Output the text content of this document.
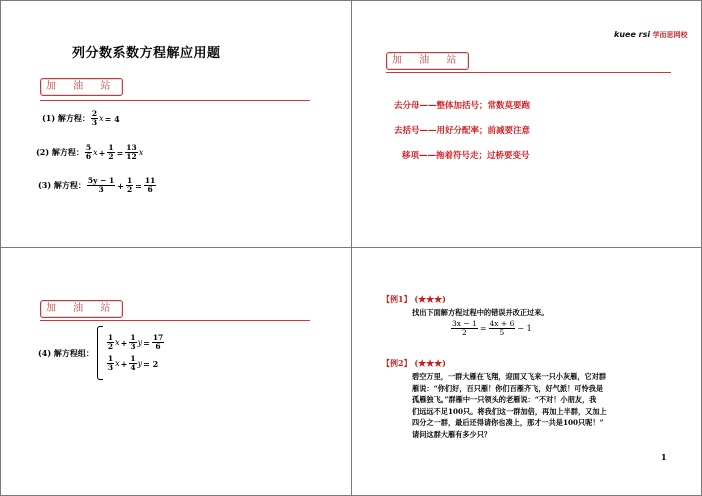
列分数系数方程解应用题
加 油 站
(1) 解方程： $\frac{2}{3}$ x = 4
(2) 解方程： $\frac{5}{6}$ $x + \frac{1}{2} = \frac{13}{12}$ x
(3) 解方程： $\frac{5y - 1}{3} + \frac{1}{2} = \frac{11}{6}$
kuee rsi 学而思网校
加 油 站
去分母——整体加括号；常数莫要跑
去括号——用好分配率；前减要注意
移项——拖着符号走；过桥要变号
加 油 站
(4) 解方程组：
$\frac{1}{2}$ $x + \frac{1}{3}$ $y = \frac{17}{6}$
$\frac{1}{3}$ $x + \frac{1}{4}$ y = 2
【例1】 (★★★)
找出下面解方程过程中的错误并改正过来。
$\frac{3x - 1}{2} = \frac{4x + 6}{5} - 1$
【例2】 (★★★)
碧空万里，一群大雁在飞翔，迎面又飞来一只小灰雁，它对群
雁说：“你们好，百只雁！你们百雁齐飞，好气派！可怜我是
孤雁独飞。”群雁中一只领头的老雁说：“不对！小朋友，我
们远远不足100只。将我们这一群加倍，再加上半群，又加上
四分之一群，最后还得请你也凑上，那才一共是100只呢！”
请问这群大雁有多少只？
1
